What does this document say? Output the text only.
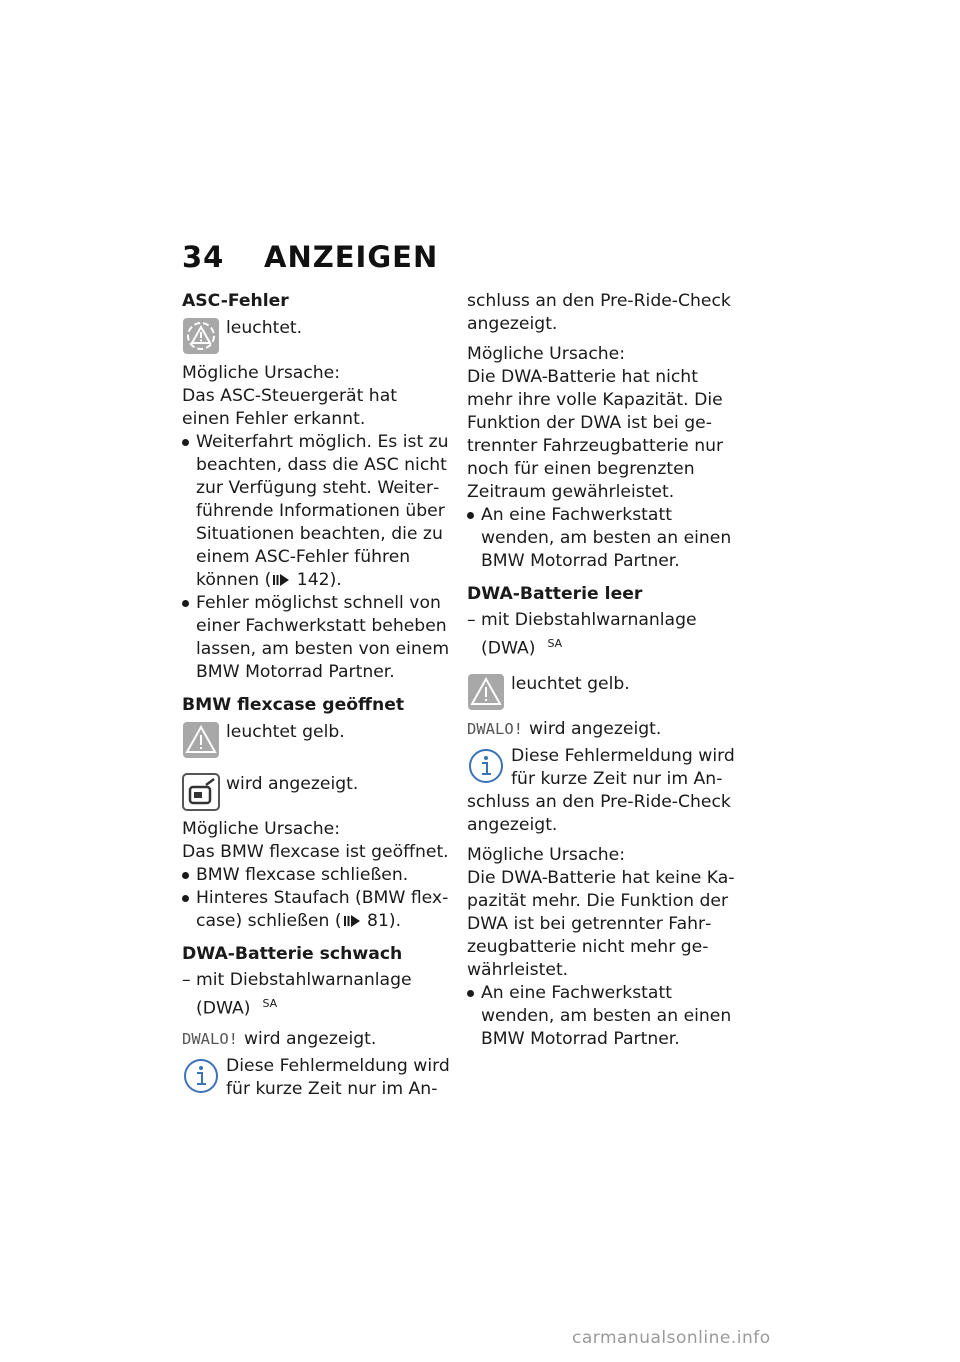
34 ANZEIGEN
ASC-Fehler
leuchtet.

Mögliche Ursache:

Das ASC-Steuergerät hat einen Fehler erkannt.

Weiterfahrt möglich. Es ist zu beachten, dass die ASC nicht zur Verfügung steht. Weiterführende Informationen über Situationen beachten, die zu einem ASC-Fehler führen können ( 142).
Fehler möglichst schnell von einer Fachwerkstatt beheben lassen, am besten von einem BMW Motorrad Partner.
BMW flexcase geöffnet
leuchtet gelb.
wird angezeigt.

Mögliche Ursache:

Das BMW flexcase ist geöffnet.

BMW flexcase schließen.
Hinteres Staufach (BMW flexcase) schließen ( 81).
DWA-Batterie schwach
– mit Diebstahlwarnanlage (DWA) $^{SA}$

DWALO! wird angezeigt.

Diese Fehlermeldung wird für kurze Zeit nur im An-

schluss an den Pre-Ride-Check angezeigt.

Mögliche Ursache:

Die DWA-Batterie hat nicht mehr ihre volle Kapazität. Die Funktion der DWA ist bei getrennter Fahrzeugbatterie nur noch für einen begrenzten Zeitraum gewährleistet.

An eine Fachwerkstatt wenden, am besten an einen BMW Motorrad Partner.
DWA-Batterie leer
– mit Diebstahlwarnanlage (DWA) $^{SA}$
leuchtet gelb.

DWALO! wird angezeigt.

Diese Fehlermeldung wird für kurze Zeit nur im Anschluss an den Pre-Ride-Check angezeigt.

Mögliche Ursache:

Die DWA-Batterie hat keine Kapazität mehr. Die Funktion der DWA ist bei getrennter Fahrzeugbatterie nicht mehr gewährleistet.

An eine Fachwerkstatt wenden, am besten an einen BMW Motorrad Partner.
carmanualsonline.info
